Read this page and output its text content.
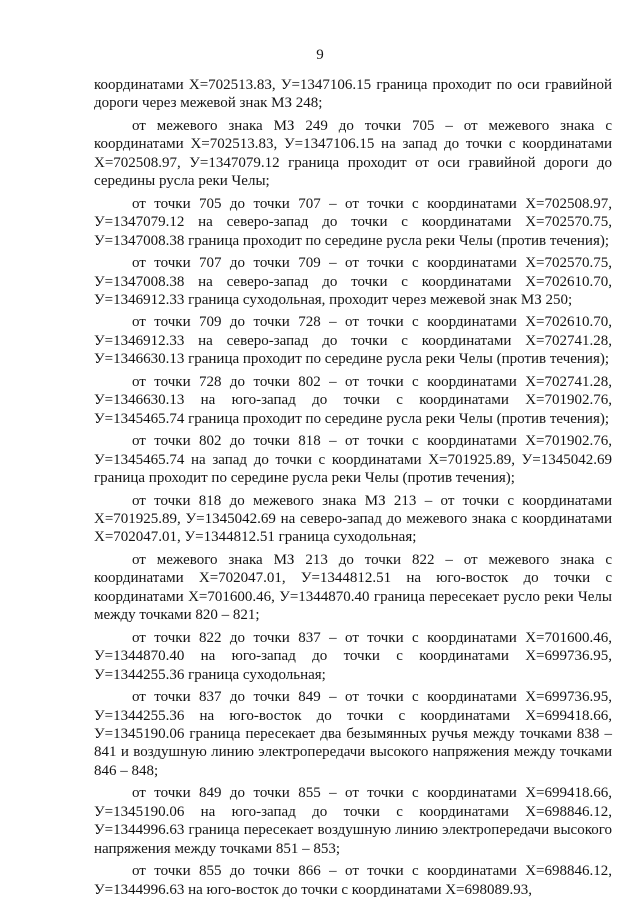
9

координатами X=702513.83, У=1347106.15 граница проходит по оси гравийной дороги через межевой знак МЗ 248;

от межевого знака МЗ 249 до точки 705 – от межевого знака с координатами X=702513.83, У=1347106.15 на запад до точки с координатами X=702508.97, У=1347079.12 граница проходит от оси гравийной дороги до середины русла реки Челы;

от точки 705 до точки 707 – от точки с координатами X=702508.97, У=1347079.12 на северо-запад до точки с координатами X=702570.75, У=1347008.38 граница проходит по середине русла реки Челы (против течения);

от точки 707 до точки 709 – от точки с координатами X=702570.75, У=1347008.38 на северо-запад до точки с координатами X=702610.70, У=1346912.33 граница суходольная, проходит через межевой знак МЗ 250;

от точки 709 до точки 728 – от точки с координатами X=702610.70, У=1346912.33 на северо-запад до точки с координатами X=702741.28, У=1346630.13 граница проходит по середине русла реки Челы (против течения);

от точки 728 до точки 802 – от точки с координатами X=702741.28, У=1346630.13 на юго-запад до точки с координатами X=701902.76, У=1345465.74 граница проходит по середине русла реки Челы (против течения);

от точки 802 до точки 818 – от точки с координатами X=701902.76, У=1345465.74 на запад до точки с координатами X=701925.89, У=1345042.69 граница проходит по середине русла реки Челы (против течения);

от точки 818 до межевого знака МЗ 213 – от точки с координатами X=701925.89, У=1345042.69 на северо-запад до межевого знака с координатами X=702047.01, У=1344812.51 граница суходольная;

от межевого знака МЗ 213 до точки 822 – от межевого знака с координатами X=702047.01, У=1344812.51 на юго-восток до точки с координатами X=701600.46, У=1344870.40 граница пересекает русло реки Челы между точками 820 – 821;

от точки 822 до точки 837 – от точки с координатами X=701600.46, У=1344870.40 на юго-запад до точки с координатами X=699736.95, У=1344255.36 граница суходольная;

от точки 837 до точки 849 – от точки с координатами X=699736.95, У=1344255.36 на юго-восток до точки с координатами X=699418.66, У=1345190.06 граница пересекает два безымянных ручья между точками 838 – 841 и воздушную линию электропередачи высокого напряжения между точками 846 – 848;

от точки 849 до точки 855 – от точки с координатами X=699418.66, У=1345190.06 на юго-запад до точки с координатами X=698846.12, У=1344996.63 граница пересекает воздушную линию электропередачи высокого напряжения между точками 851 – 853;

от точки 855 до точки 866 – от точки с координатами X=698846.12, У=1344996.63 на юго-восток до точки с координатами X=698089.93,
